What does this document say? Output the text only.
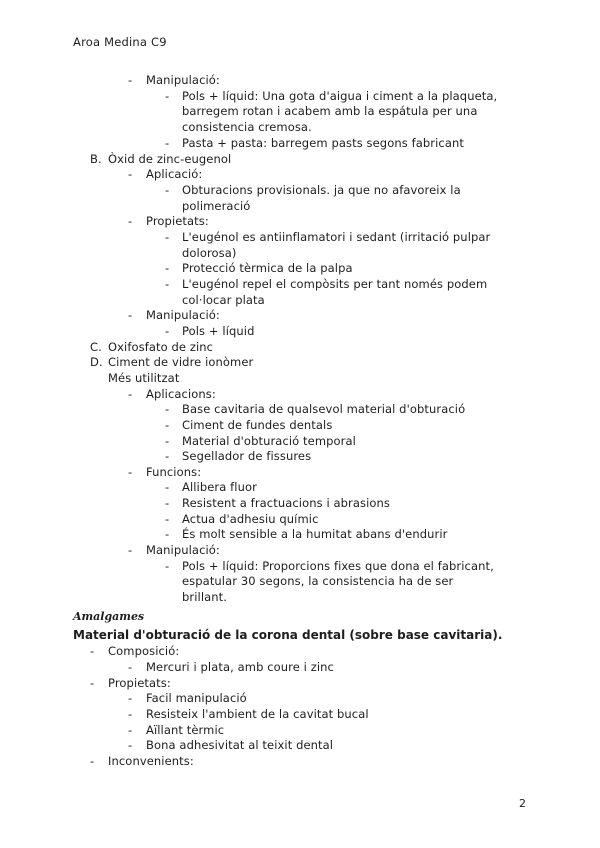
Aroa Medina C9
- Manipulació:
- Pols + líquid: Una gota d'aigua i ciment a la plaqueta,
barregem rotan i acabem amb la espátula per una
consistencia cremosa.
- Pasta + pasta: barregem pasts segons fabricant
B. Òxid de zinc-eugenol
- Aplicació:
- Obturacions provisionals. ja que no afavoreix la
polimeració
- Propietats:
- L'eugénol es antiinflamatori i sedant (irritació pulpar
dolorosa)
- Protecció tèrmica de la palpa
- L'eugénol repel el compòsits per tant només podem
col·locar plata
- Manipulació:
- Pols + líquid
C. Oxifosfato de zinc
D. Ciment de vidre ionòmer
Més utilitzat
- Aplicacions:
- Base cavitaria de qualsevol material d'obturació
- Ciment de fundes dentals
- Material d'obturació temporal
- Segellador de fissures
- Funcions:
- Allibera fluor
- Resistent a fractuacions i abrasions
- Actua d'adhesiu químic
- És molt sensible a la humitat abans d'endurir
- Manipulació:
- Pols + líquid: Proporcions fixes que dona el fabricant,
espatular 30 segons, la consistencia ha de ser
brillant.
Amalgames
Material d'obturació de la corona dental (sobre base cavitaria).
- Composició:
- Mercuri i plata, amb coure i zinc
- Propietats:
- Facil manipulació
- Resisteix l'ambient de la cavitat bucal
- Aïllant tèrmic
- Bona adhesivitat al teixit dental
- Inconvenients:
2
